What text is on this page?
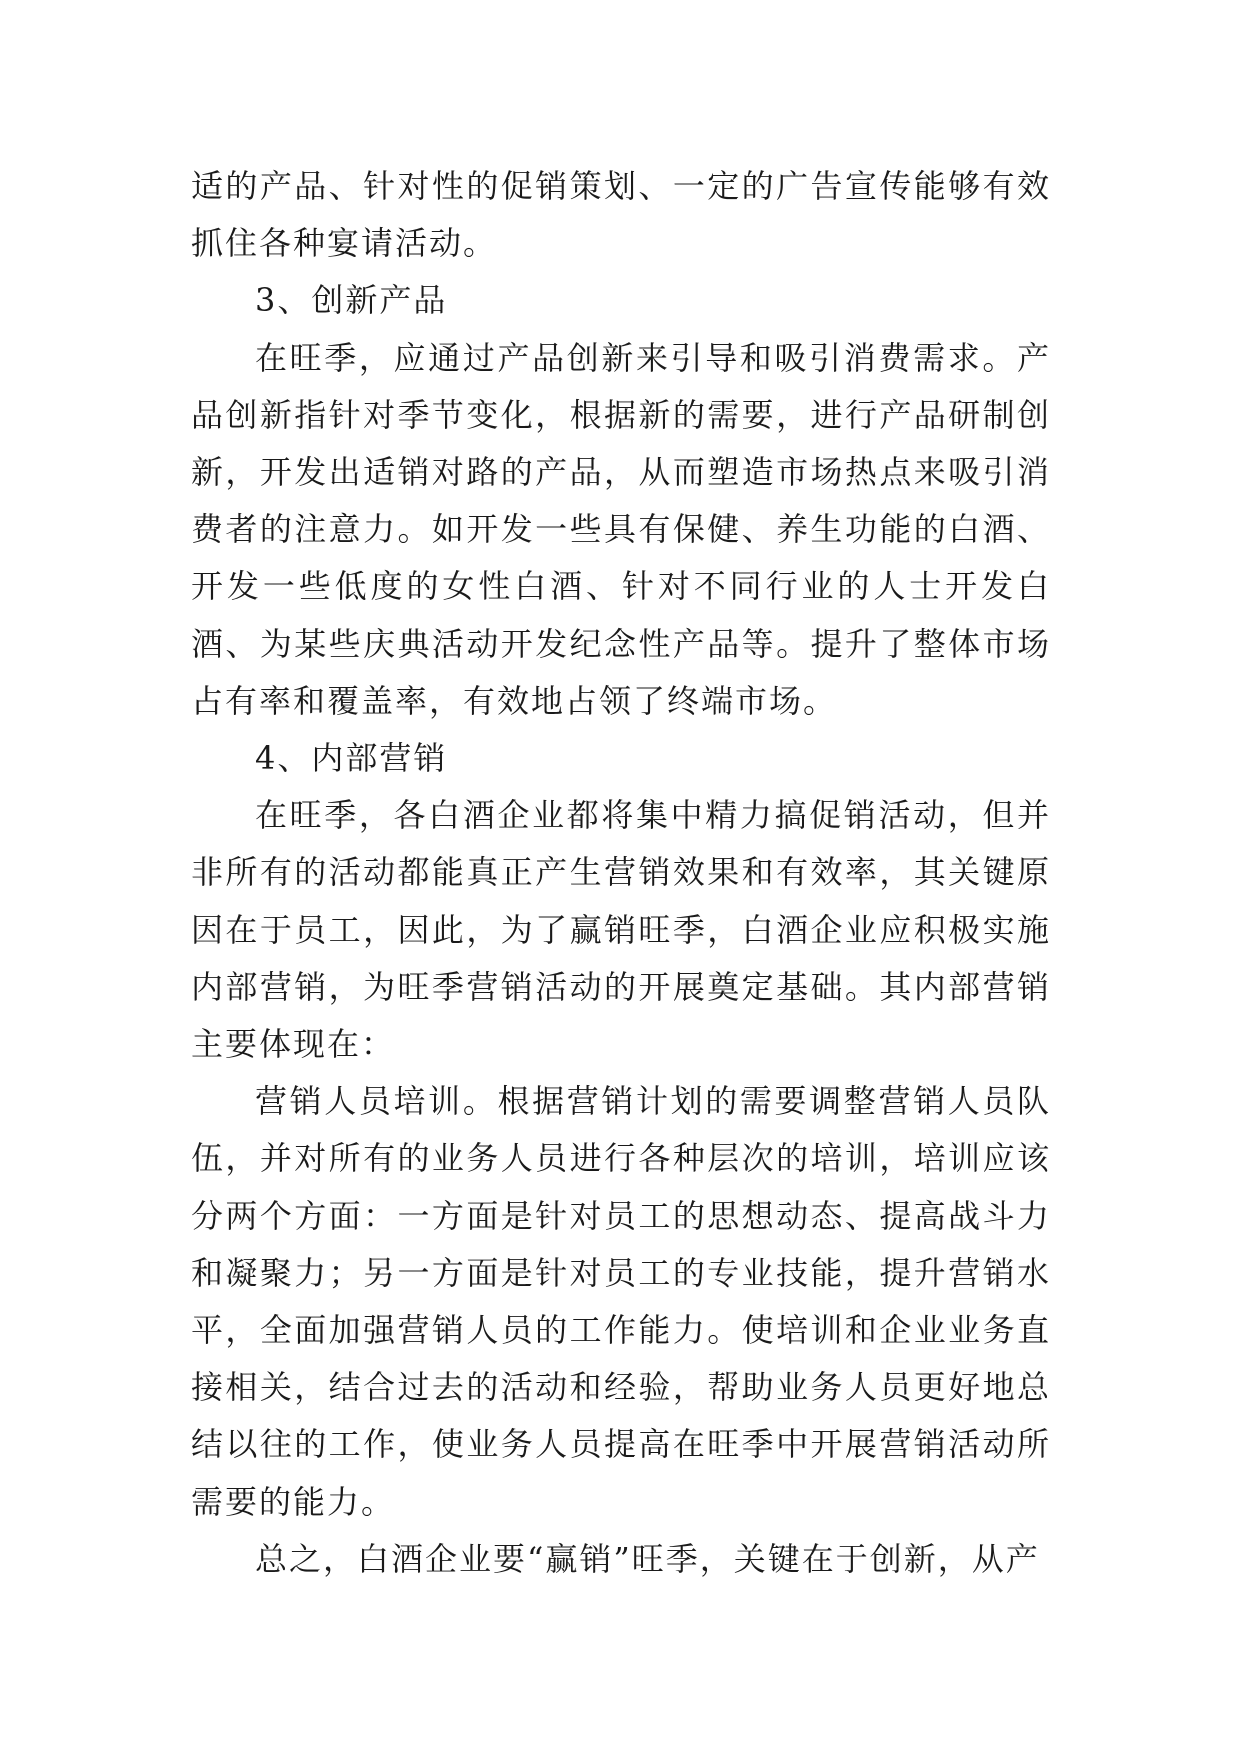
适的产品、针对性的促销策划、一定的广告宣传能够有效抓住各种宴请活动。

3、创新产品

在旺季，应通过产品创新来引导和吸引消费需求。产品创新指针对季节变化，根据新的需要，进行产品研制创新，开发出适销对路的产品，从而塑造市场热点来吸引消费者的注意力。如开发一些具有保健、养生功能的白酒、开发一些低度的女性白酒、针对不同行业的人士开发白酒、为某些庆典活动开发纪念性产品等。提升了整体市场占有率和覆盖率，有效地占领了终端市场。

4、内部营销

在旺季，各白酒企业都将集中精力搞促销活动，但并非所有的活动都能真正产生营销效果和有效率，其关键原因在于员工，因此，为了赢销旺季，白酒企业应积极实施内部营销，为旺季营销活动的开展奠定基础。其内部营销主要体现在：

营销人员培训。根据营销计划的需要调整营销人员队伍，并对所有的业务人员进行各种层次的培训，培训应该分两个方面：一方面是针对员工的思想动态、提高战斗力和凝聚力；另一方面是针对员工的专业技能，提升营销水平，全面加强营销人员的工作能力。使培训和企业业务直接相关，结合过去的活动和经验，帮助业务人员更好地总结以往的工作，使业务人员提高在旺季中开展营销活动所需要的能力。

总之，白酒企业要“赢销”旺季，关键在于创新，从产
